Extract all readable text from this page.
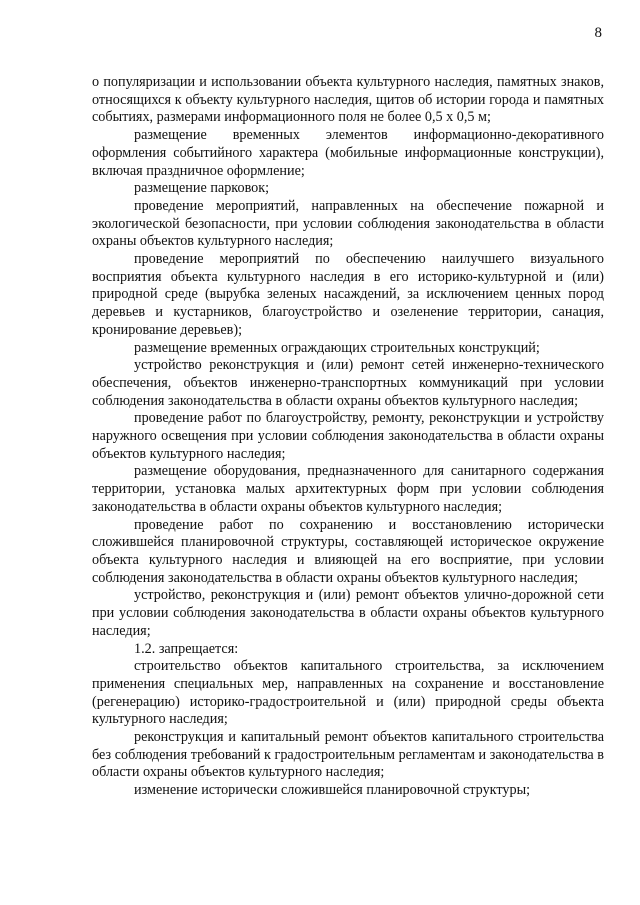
8

о популяризации и использовании объекта культурного наследия, памятных знаков, относящихся к объекту культурного наследия, щитов об истории города и памятных событиях, размерами информационного поля не более 0,5 х 0,5 м;

размещение временных элементов информационно-декоративного оформления событийного характера (мобильные информационные конструкции), включая праздничное оформление;

размещение парковок;

проведение мероприятий, направленных на обеспечение пожарной и экологической безопасности, при условии соблюдения законодательства в области охраны объектов культурного наследия;

проведение мероприятий по обеспечению наилучшего визуального восприятия объекта культурного наследия в его историко-культурной и (или) природной среде (вырубка зеленых насаждений, за исключением ценных пород деревьев и кустарников, благоустройство и озеленение территории, санация, кронирование деревьев);

размещение временных ограждающих строительных конструкций;

устройство реконструкция и (или) ремонт сетей инженерно-технического обеспечения, объектов инженерно-транспортных коммуникаций при условии соблюдения законодательства в области охраны объектов культурного наследия;

проведение работ по благоустройству, ремонту, реконструкции и устройству наружного освещения при условии соблюдения законодательства в области охраны объектов культурного наследия;

размещение оборудования, предназначенного для санитарного содержания территории, установка малых архитектурных форм при условии соблюдения законодательства в области охраны объектов культурного наследия;

проведение работ по сохранению и восстановлению исторически сложившейся планировочной структуры, составляющей историческое окружение объекта культурного наследия и влияющей на его восприятие, при условии соблюдения законодательства в области охраны объектов культурного наследия;

устройство, реконструкция и (или) ремонт объектов улично-дорожной сети при условии соблюдения законодательства в области охраны объектов культурного наследия;

1.2. запрещается:

строительство объектов капитального строительства, за исключением применения специальных мер, направленных на сохранение и восстановление (регенерацию) историко-градостроительной и (или) природной среды объекта культурного наследия;

реконструкция и капитальный ремонт объектов капитального строительства без соблюдения требований к градостроительным регламентам и законодательства в области охраны объектов культурного наследия;

изменение исторически сложившейся планировочной структуры;
